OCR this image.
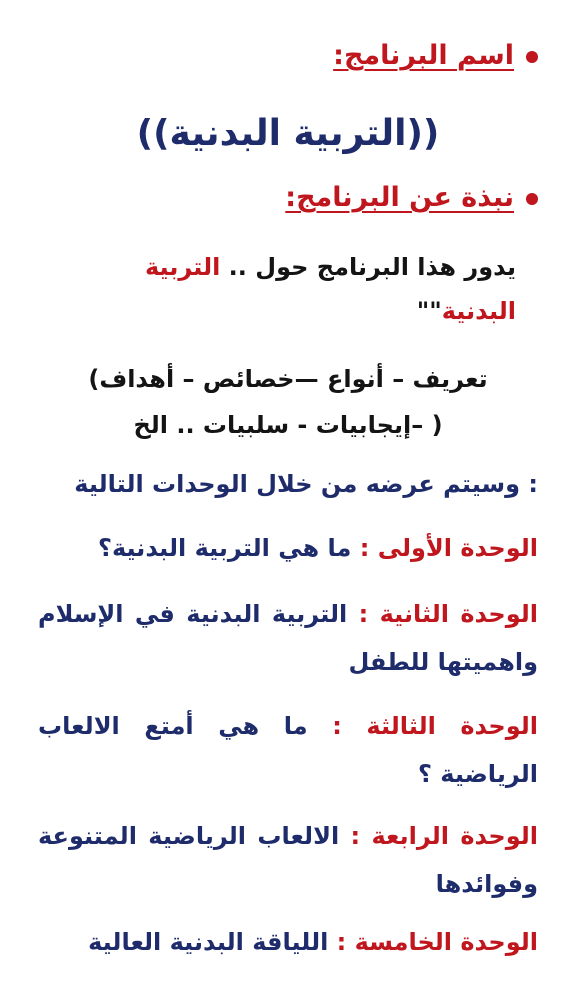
اسم البرنامج:
((التربية البدنية))
نبذة عن البرنامج:
يدور هذا البرنامج حول .. التربية البدنية""
تعريف – أنواع —خصائص – أهداف)
( –إيجابيات - سلبيات .. الخ
: وسيتم عرضه من خلال الوحدات التالية
الوحدة الأولى : ما هي التربية البدنية؟
الوحدة الثانية : التربية البدنية في الإسلام واهميتها للطفل
الوحدة الثالثة : ما هي أمتع الالعاب الرياضية ؟
الوحدة الرابعة : الالعاب الرياضية المتنوعة وفوائدها
الوحدة الخامسة : اللياقة البدنية العالية
